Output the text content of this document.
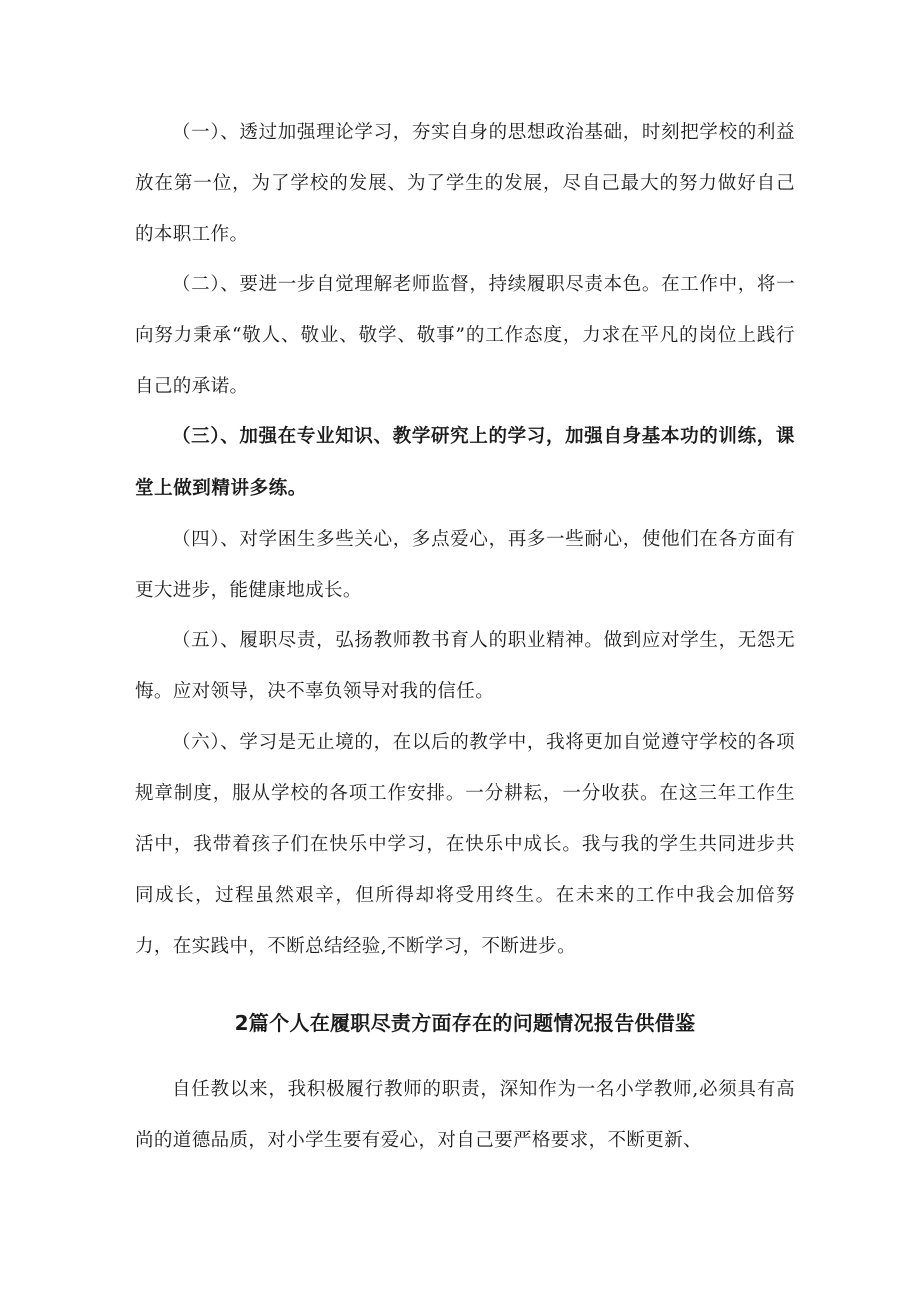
（一）、透过加强理论学习，夯实自身的思想政治基础，时刻把学校的利益放在第一位，为了学校的发展、为了学生的发展，尽自己最大的努力做好自己的本职工作。

（二）、要进一步自觉理解老师监督，持续履职尽责本色。在工作中，将一向努力秉承“敬人、敬业、敬学、敬事”的工作态度，力求在平凡的岗位上践行自己的承诺。

（三）、加强在专业知识、教学研究上的学习，加强自身基本功的训练，课堂上做到精讲多练。

（四）、对学困生多些关心，多点爱心，再多一些耐心，使他们在各方面有更大进步，能健康地成长。

（五）、履职尽责，弘扬教师教书育人的职业精神。做到应对学生，无怨无悔。应对领导，决不辜负领导对我的信任。

（六）、学习是无止境的，在以后的教学中，我将更加自觉遵守学校的各项规章制度，服从学校的各项工作安排。一分耕耘，一分收获。在这三年工作生活中，我带着孩子们在快乐中学习，在快乐中成长。我与我的学生共同进步共同成长，过程虽然艰辛，但所得却将受用终生。在未来的工作中我会加倍努力，在实践中，不断总结经验,不断学习，不断进步。

2篇个人在履职尽责方面存在的问题情况报告供借鉴

自任教以来，我积极履行教师的职责，深知作为一名小学教师,必须具有高尚的道德品质，对小学生要有爱心，对自己要严格要求，不断更新、
